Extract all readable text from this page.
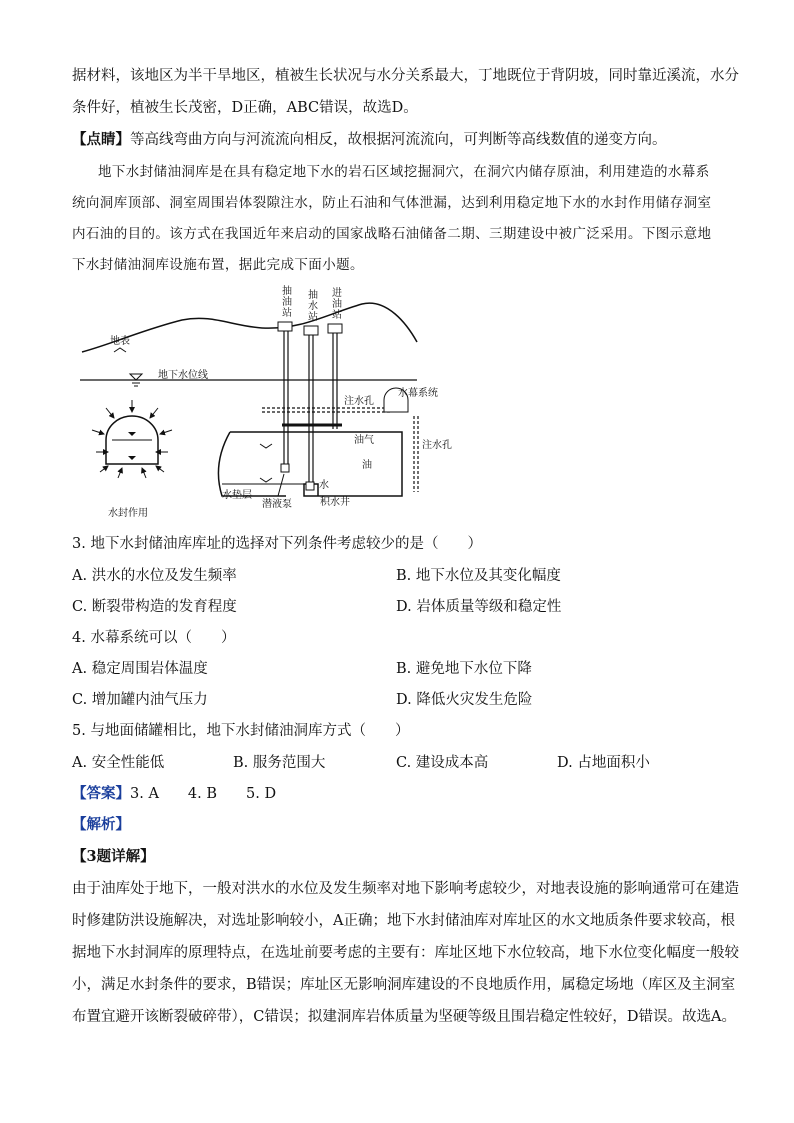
据材料，该地区为半干旱地区，植被生长状况与水分关系最大，丁地既位于背阴坡，同时靠近溪流，水分
条件好，植被生长茂密，D正确，ABC错误，故选D。
【点睛】等高线弯曲方向与河流流向相反，故根据河流流向，可判断等高线数值的递变方向。
地下水封储油洞库是在具有稳定地下水的岩石区域挖掘洞穴，在洞穴内储存原油，利用建造的水幕系
统向洞库顶部、洞室周围岩体裂隙注水，防止石油和气体泄漏，达到利用稳定地下水的水封作用储存洞室
内石油的目的。该方式在我国近年来启动的国家战略石油储备二期、三期建设中被广泛采用。下图示意地
下水封储油洞库设施布置，据此完成下面小题。
地表
地下水位线
抽油站
抽水站
进油站
注水孔
水幕系统
注水孔
油气
油
水
水垫层
潜液泵	积水井
水封作用
3. 地下水封储油库库址的选择对下列条件考虑较少的是（　　）
A. 洪水的水位及发生频率	B. 地下水位及其变化幅度
C. 断裂带构造的发育程度	D. 岩体质量等级和稳定性
4. 水幕系统可以（　　）
A. 稳定周围岩体温度	B. 避免地下水位下降
C. 增加罐内油气压力	D. 降低火灾发生危险
5. 与地面储罐相比，地下水封储油洞库方式（　　）
A. 安全性能低	B. 服务范围大	C. 建设成本高	D. 占地面积小
【答案】3. A　　4. B　　5. D
【解析】
【3题详解】
由于油库处于地下，一般对洪水的水位及发生频率对地下影响考虑较少，对地表设施的影响通常可在建造
时修建防洪设施解决，对选址影响较小，A正确；地下水封储油库对库址区的水文地质条件要求较高，根
据地下水封洞库的原理特点，在选址前要考虑的主要有：库址区地下水位较高，地下水位变化幅度一般较
小，满足水封条件的要求，B错误；库址区无影响洞库建设的不良地质作用，属稳定场地（库区及主洞室
布置宜避开该断裂破碎带），C错误；拟建洞库岩体质量为坚硬等级且围岩稳定性较好，D错误。故选A。
